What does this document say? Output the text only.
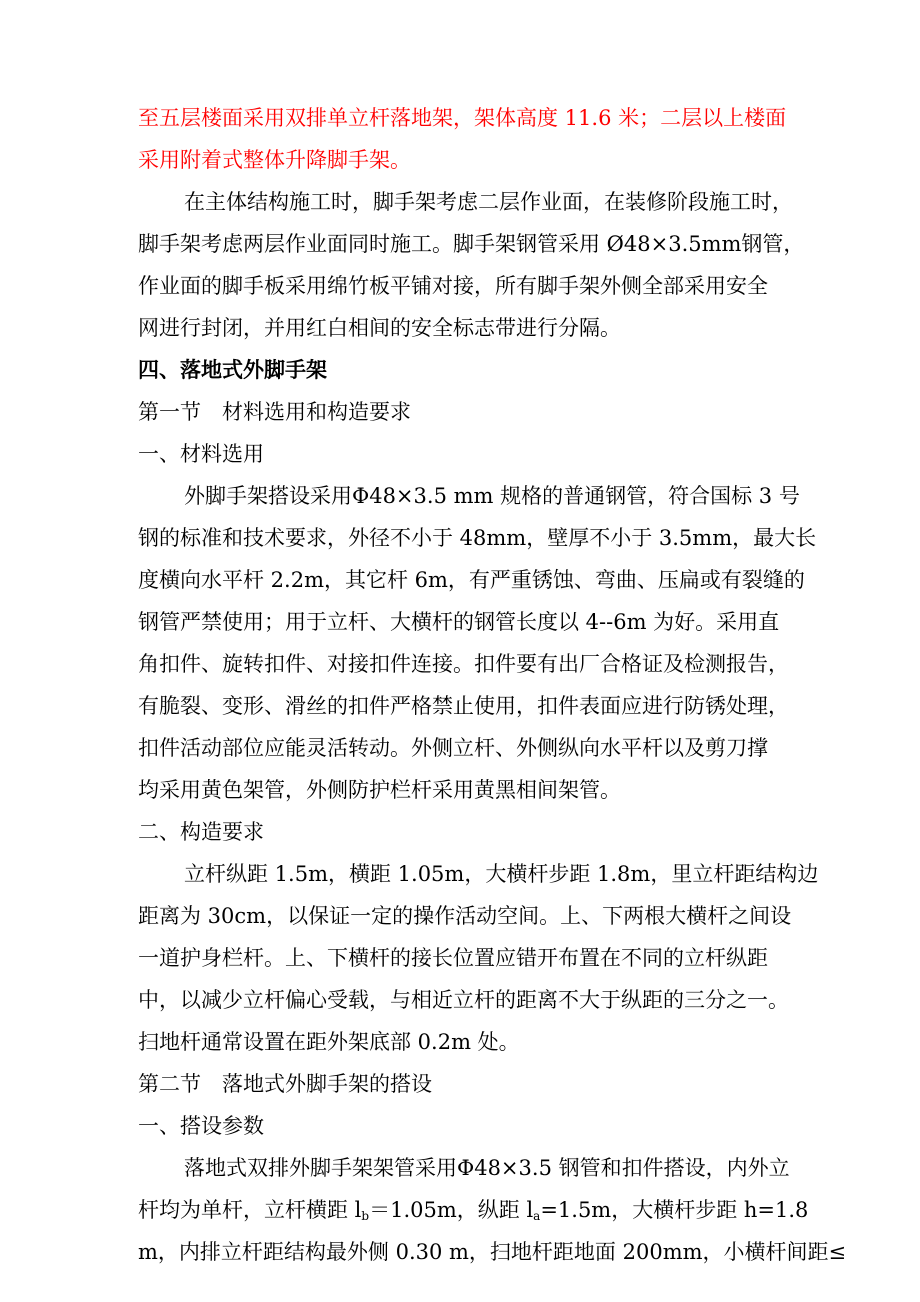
至五层楼面采用双排单立杆落地架，架体高度 11.6 米；二层以上楼面
采用附着式整体升降脚手架。
在主体结构施工时，脚手架考虑二层作业面，在装修阶段施工时，
脚手架考虑两层作业面同时施工。脚手架钢管采用 Ø48×3.5mm钢管，
作业面的脚手板采用绵竹板平铺对接，所有脚手架外侧全部采用安全
网进行封闭，并用红白相间的安全标志带进行分隔。
四、落地式外脚手架
第一节　材料选用和构造要求
一、材料选用
外脚手架搭设采用Φ48×3.5 mm 规格的普通钢管，符合国标 3 号
钢的标准和技术要求，外径不小于 48mm，壁厚不小于 3.5mm，最大长
度横向水平杆 2.2m，其它杆 6m，有严重锈蚀、弯曲、压扁或有裂缝的
钢管严禁使用；用于立杆、大横杆的钢管长度以 4--6m 为好。采用直
角扣件、旋转扣件、对接扣件连接。扣件要有出厂合格证及检测报告，
有脆裂、变形、滑丝的扣件严格禁止使用，扣件表面应进行防锈处理，
扣件活动部位应能灵活转动。外侧立杆、外侧纵向水平杆以及剪刀撑
均采用黄色架管，外侧防护栏杆采用黄黑相间架管。
二、构造要求
立杆纵距 1.5m，横距 1.05m，大横杆步距 1.8m，里立杆距结构边
距离为 30cm，以保证一定的操作活动空间。上、下两根大横杆之间设
一道护身栏杆。上、下横杆的接长位置应错开布置在不同的立杆纵距
中，以减少立杆偏心受载，与相近立杆的距离不大于纵距的三分之一。
扫地杆通常设置在距外架底部 0.2m 处。
第二节　落地式外脚手架的搭设
一、搭设参数
落地式双排外脚手架架管采用Φ48×3.5 钢管和扣件搭设，内外立
杆均为单杆，立杆横距 $l_b=1.05m$，纵距 $l_a=1.5m$，大横杆步距 h=1.8
m，内排立杆距结构最外侧 0.30 m，扫地杆距地面 200mm，小横杆间距≤
